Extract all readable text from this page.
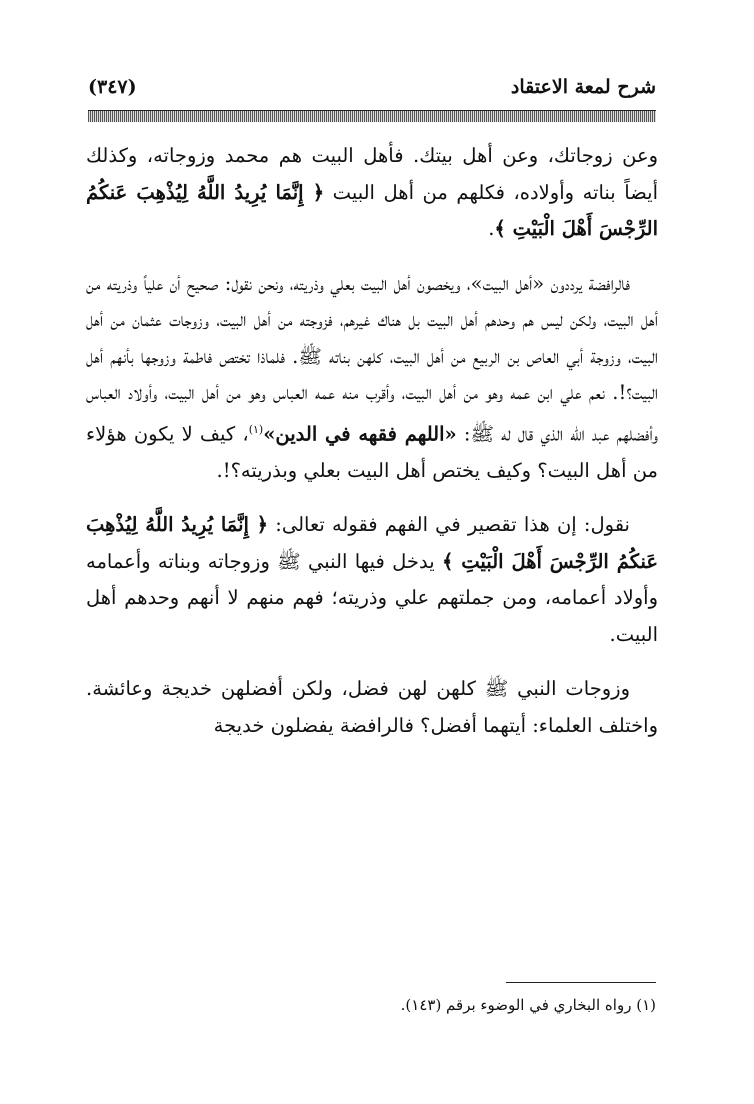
شرح لمعة الاعتقاد
(٣٤٧)

وعن زوجاتك، وعن أهل بيتك. فأهل البيت هم محمد وزوجاته، وكذلك أيضاً بناته وأولاده، فكلهم من أهل البيت ﴿ إِنَّمَا يُرِيدُ اللَّهُ لِيُذْهِبَ عَنكُمُ الرِّجْسَ أَهْلَ الْبَيْتِ ﴾.

فالرافضة يرددون «أهل البيت»، ويخصون أهل البيت بعلي وذريته، ونحن نقول: صحيح أن علياً وذريته من أهل البيت، ولكن ليس هم وحدهم أهل البيت بل هناك غيرهم، فزوجته من أهل البيت، وزوجات عثمان من أهل البيت، وزوجة أبي العاص بن الربيع من أهل البيت، كلهن بناته ﷺ. فلماذا تختص فاطمة وزوجها بأنهم أهل البيت؟!. نعم علي ابن عمه وهو من أهل البيت، وأقرب منه عمه العباس وهو من أهل البيت، وأولاد العباس وأفضلهم عبد الله الذي قال له ﷺ: «اللهم فقهه في الدين»$^{(١)}$، كيف لا يكون هؤلاء من أهل البيت؟ وكيف يختص أهل البيت بعلي وبذريته؟!.

نقول: إن هذا تقصير في الفهم فقوله تعالى: ﴿ إِنَّمَا يُرِيدُ اللَّهُ لِيُذْهِبَ عَنكُمُ الرِّجْسَ أَهْلَ الْبَيْتِ ﴾ يدخل فيها النبي ﷺ وزوجاته وبناته وأعمامه وأولاد أعمامه، ومن جملتهم علي وذريته؛ فهم منهم لا أنهم وحدهم أهل البيت.

وزوجات النبي ﷺ كلهن لهن فضل، ولكن أفضلهن خديجة وعائشة. واختلف العلماء: أيتهما أفضل؟ فالرافضة يفضلون خديجة

(١) رواه البخاري في الوضوء برقم (١٤٣).
